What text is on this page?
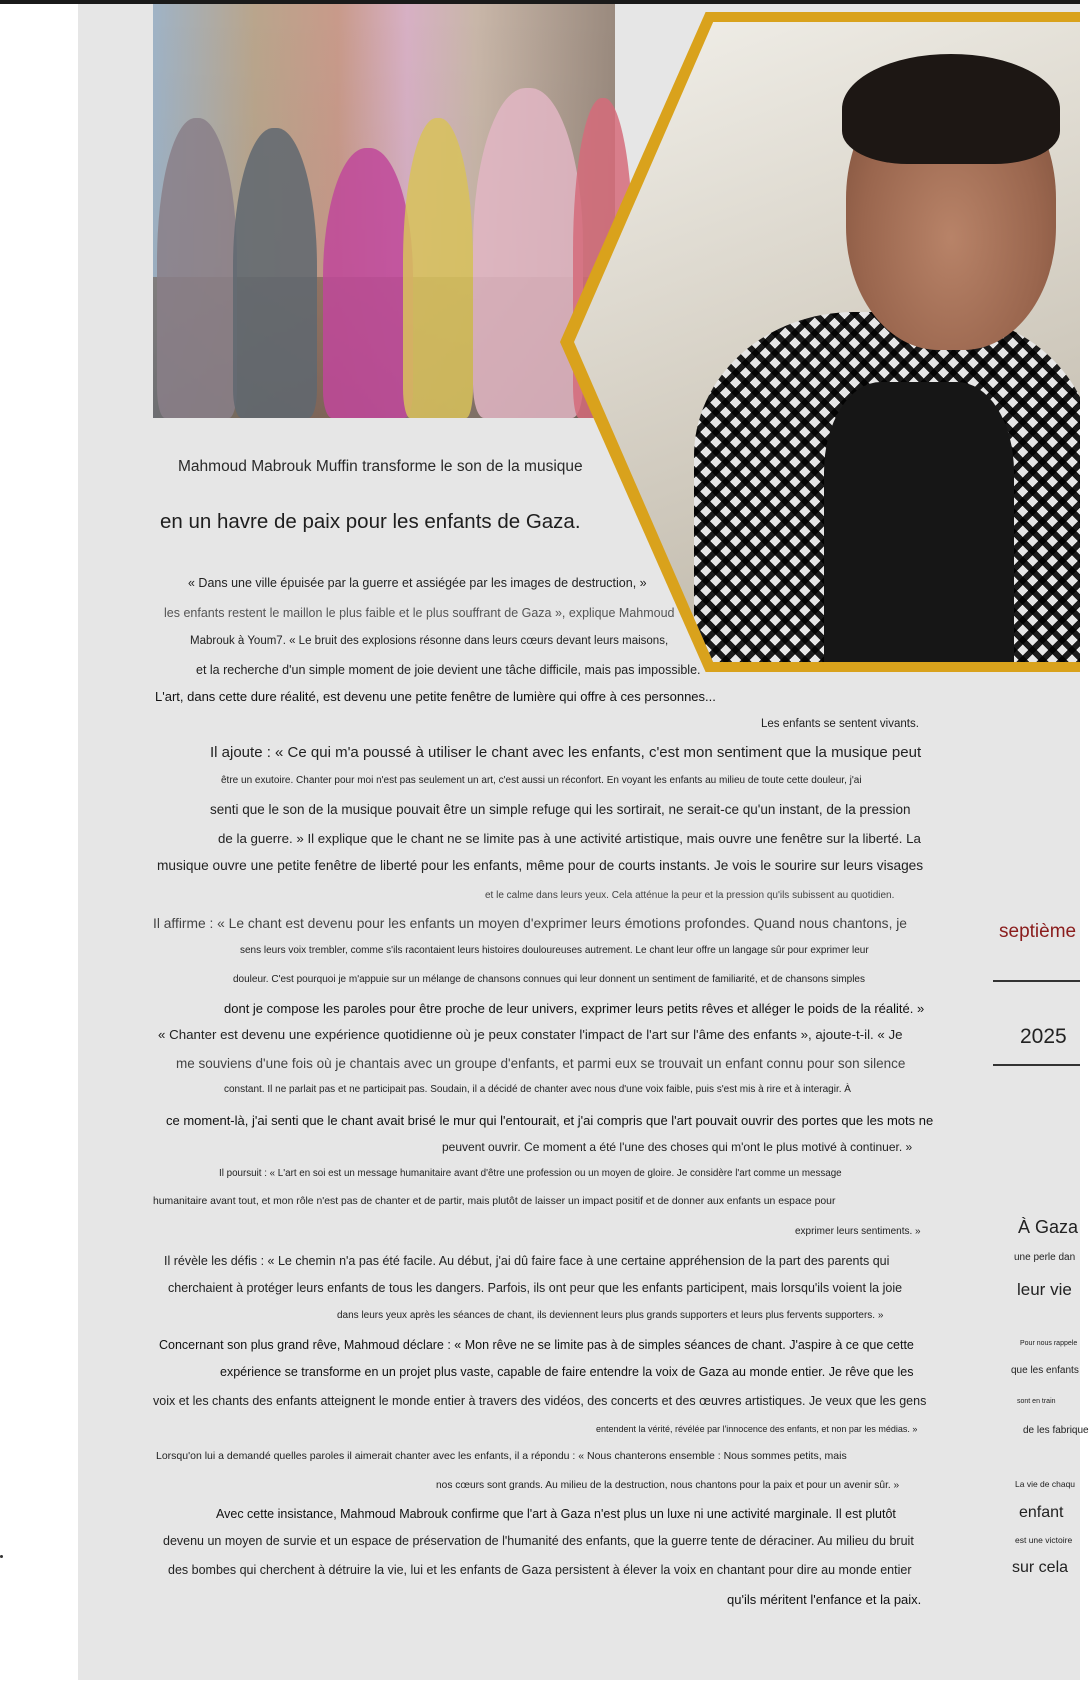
Mahmoud Mabrouk Muffin transforme le son de la musique
en un havre de paix pour les enfants de Gaza.
« Dans une ville épuisée par la guerre et assiégée par les images de destruction, »
les enfants restent le maillon le plus faible et le plus souffrant de Gaza », explique Mahmoud
Mabrouk à Youm7. « Le bruit des explosions résonne dans leurs cœurs devant leurs maisons,
et la recherche d'un simple moment de joie devient une tâche difficile, mais pas impossible.
L'art, dans cette dure réalité, est devenu une petite fenêtre de lumière qui offre à ces personnes...
Les enfants se sentent vivants.
Il ajoute : « Ce qui m'a poussé à utiliser le chant avec les enfants, c'est mon sentiment que la musique peut
être un exutoire. Chanter pour moi n'est pas seulement un art, c'est aussi un réconfort. En voyant les enfants au milieu de toute cette douleur, j'ai
senti que le son de la musique pouvait être un simple refuge qui les sortirait, ne serait-ce qu'un instant, de la pression
de la guerre. » Il explique que le chant ne se limite pas à une activité artistique, mais ouvre une fenêtre sur la liberté. La
musique ouvre une petite fenêtre de liberté pour les enfants, même pour de courts instants. Je vois le sourire sur leurs visages
et le calme dans leurs yeux. Cela atténue la peur et la pression qu'ils subissent au quotidien.
Il affirme : « Le chant est devenu pour les enfants un moyen d'exprimer leurs émotions profondes. Quand nous chantons, je
sens leurs voix trembler, comme s'ils racontaient leurs histoires douloureuses autrement. Le chant leur offre un langage sûr pour exprimer leur
douleur. C'est pourquoi je m'appuie sur un mélange de chansons connues qui leur donnent un sentiment de familiarité, et de chansons simples
dont je compose les paroles pour être proche de leur univers, exprimer leurs petits rêves et alléger le poids de la réalité. »
« Chanter est devenu une expérience quotidienne où je peux constater l'impact de l'art sur l'âme des enfants », ajoute-t-il. « Je
me souviens d'une fois où je chantais avec un groupe d'enfants, et parmi eux se trouvait un enfant connu pour son silence
constant. Il ne parlait pas et ne participait pas. Soudain, il a décidé de chanter avec nous d'une voix faible, puis s'est mis à rire et à interagir. À
ce moment-là, j'ai senti que le chant avait brisé le mur qui l'entourait, et j'ai compris que l'art pouvait ouvrir des portes que les mots ne
peuvent ouvrir. Ce moment a été l'une des choses qui m'ont le plus motivé à continuer. »
Il poursuit : « L'art en soi est un message humanitaire avant d'être une profession ou un moyen de gloire. Je considère l'art comme un message
humanitaire avant tout, et mon rôle n'est pas de chanter et de partir, mais plutôt de laisser un impact positif et de donner aux enfants un espace pour
exprimer leurs sentiments. »
Il révèle les défis : « Le chemin n'a pas été facile. Au début, j'ai dû faire face à une certaine appréhension de la part des parents qui
cherchaient à protéger leurs enfants de tous les dangers. Parfois, ils ont peur que les enfants participent, mais lorsqu'ils voient la joie
dans leurs yeux après les séances de chant, ils deviennent leurs plus grands supporters et leurs plus fervents supporters. »
Concernant son plus grand rêve, Mahmoud déclare : « Mon rêve ne se limite pas à de simples séances de chant. J'aspire à ce que cette
expérience se transforme en un projet plus vaste, capable de faire entendre la voix de Gaza au monde entier. Je rêve que les
voix et les chants des enfants atteignent le monde entier à travers des vidéos, des concerts et des œuvres artistiques. Je veux que les gens
entendent la vérité, révélée par l'innocence des enfants, et non par les médias. »
Lorsqu'on lui a demandé quelles paroles il aimerait chanter avec les enfants, il a répondu : « Nous chanterons ensemble : Nous sommes petits, mais
nos cœurs sont grands. Au milieu de la destruction, nous chantons pour la paix et pour un avenir sûr. »
Avec cette insistance, Mahmoud Mabrouk confirme que l'art à Gaza n'est plus un luxe ni une activité marginale. Il est plutôt
devenu un moyen de survie et un espace de préservation de l'humanité des enfants, que la guerre tente de déraciner. Au milieu du bruit
des bombes qui cherchent à détruire la vie, lui et les enfants de Gaza persistent à élever la voix en chantant pour dire au monde entier
qu'ils méritent l'enfance et la paix.
septième
2025
À Gaza
une perle dan
leur vie
Pour nous rappele
que les enfants
sont en train
de les fabrique
La vie de chaqu
enfant
est une victoire
sur cela
